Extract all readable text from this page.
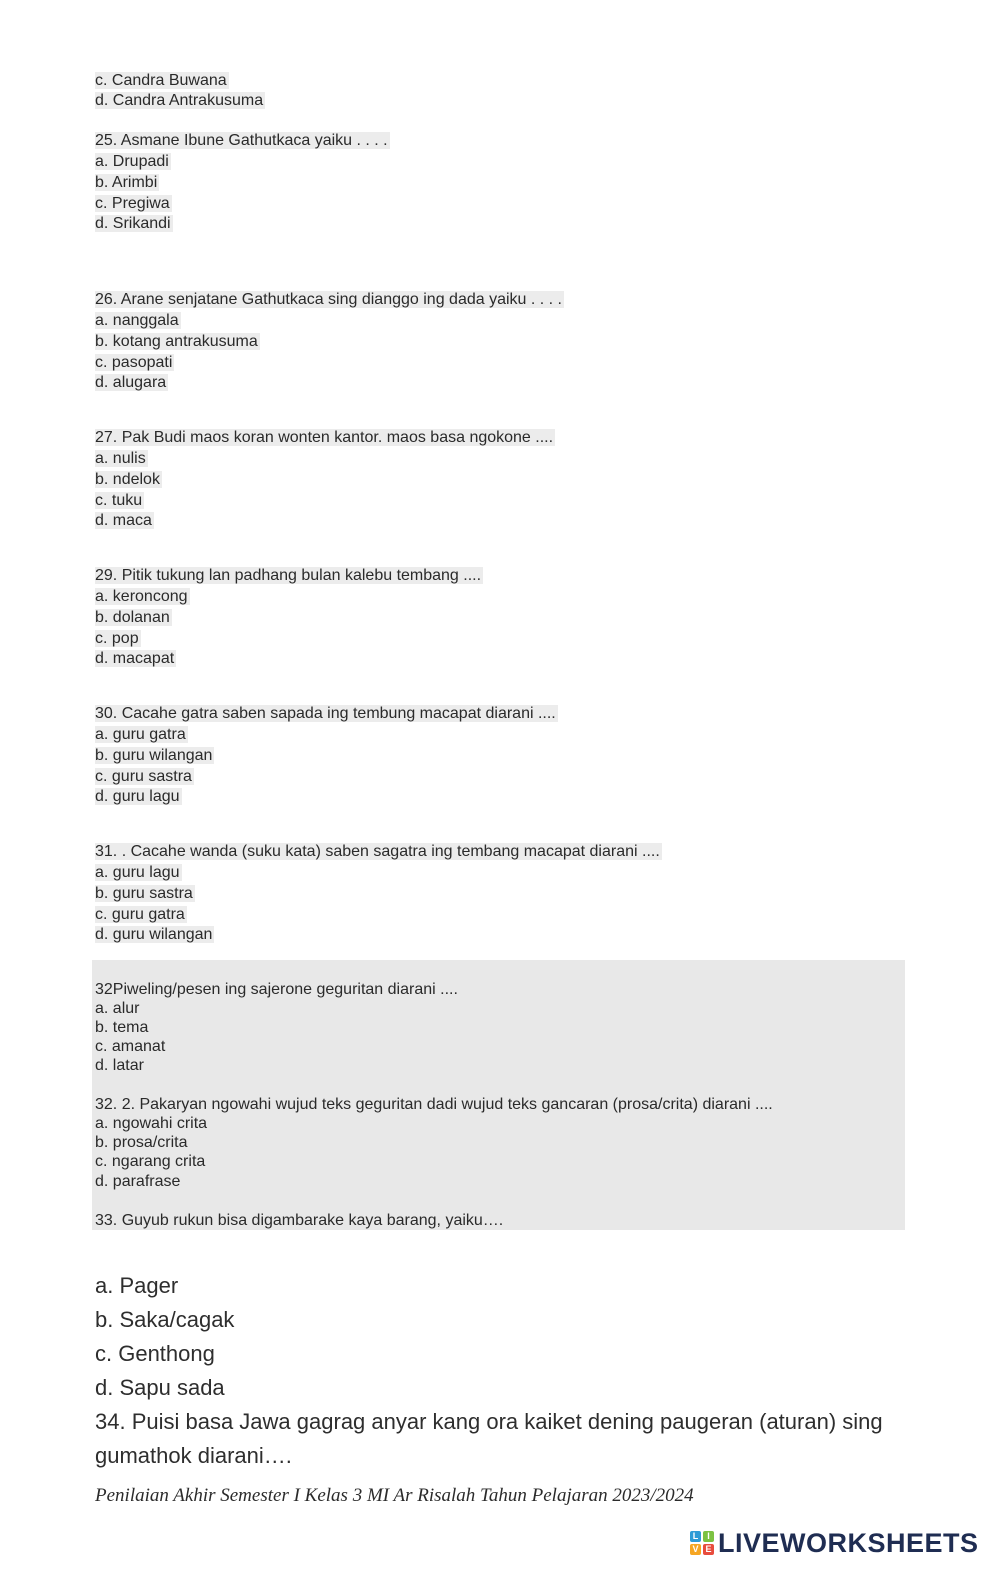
c. Candra Buwana
d. Candra Antrakusuma
25. Asmane Ibune Gathutkaca yaiku . . . .
a. Drupadi
b. Arimbi
c. Pregiwa
d. Srikandi
26. Arane senjatane Gathutkaca sing dianggo ing dada yaiku . . . .
a. nanggala
b. kotang antrakusuma
c. pasopati
d. alugara
27. Pak Budi maos koran wonten kantor. maos basa ngokone ....
a. nulis
b. ndelok
c. tuku
d. maca
29. Pitik tukung lan padhang bulan kalebu tembang ....
a. keroncong
b. dolanan
c. pop
d. macapat
30. Cacahe gatra saben sapada ing tembung macapat diarani ....
a. guru gatra
b. guru wilangan
c. guru sastra
d. guru lagu
31. . Cacahe wanda (suku kata) saben sagatra ing tembang macapat diarani ....
a. guru lagu
b. guru sastra
c. guru gatra
d. guru wilangan
32Piweling/pesen ing sajerone geguritan diarani ....
a. alur
b. tema
c. amanat
d. latar
32. 2. Pakaryan ngowahi wujud teks geguritan dadi wujud teks gancaran (prosa/crita) diarani ....
a. ngowahi crita
b. prosa/crita
c. ngarang crita
d. parafrase
33. Guyub rukun bisa digambarake kaya barang, yaiku….
a. Pager
b. Saka/cagak
c. Genthong
d. Sapu sada
34. Puisi basa Jawa gagrag anyar kang ora kaiket dening paugeran (aturan) sing
gumathok diarani….
Penilaian Akhir Semester I Kelas 3 MI Ar Risalah Tahun Pelajaran 2023/2024
L I
V E LIVEWORKSHEETS
